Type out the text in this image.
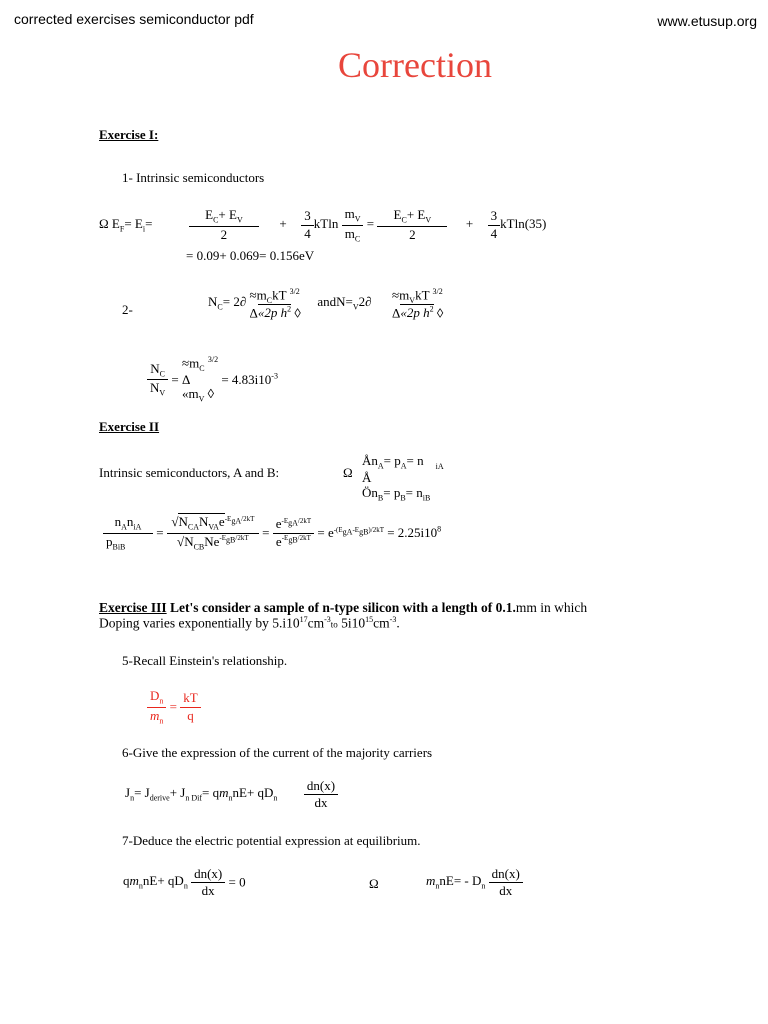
corrected exercises semiconductor pdf	www.etusup.org
Correction
Exercise I:
1- Intrinsic semiconductors
Ω $E_F= E_i=$	$\frac{E_C+ E_V}{2} + \frac{3}{4}$ kTln $\frac{m_V}{m_C} = \frac{E_C+ E_V}{2} + \frac{3}{4} kTln(35)$
= 0.09+ 0.069= 0.156eV
2-
$N_C= 2\partial \approx m_CkT$ $^{3/2}$
Δ«2p $h^2$ ◊
$andN=_V2\partial \approx m_VkT$ $^{3/2}$
Δ«2p $h^2$ ◊
$\frac{N_C}{N_V}$ =
$\approx m_C$ $^{3/2}$
Δ
«$m_V$ ◊
= $4.83i10^{-3}$
Exercise II
Intrinsic semiconductors, A and B:	Ω
$Ån_A= p_A= n$ $_{iA}$
Å
$Ön_B= p_B= n_{iB}$
$\frac{n_An_{iA}}{p_{BiB}} = \frac{√N_{CA}N_{VA}e^{-E_{gA}/2kT}}{√N_{CB}Ne^{-E_{gB}/2kT}} = \frac{e^{-E_{gA}/2kT}}{e^{-E_{gB}/2kT}} = e^{-(E_{gA}-E_{gB})/2kT} = 2.25i10^8$
Exercise III Let's consider a sample of n-type silicon with a length of 0.1.mm in which
Doping varies exponentially by $5.i10^{17}cm^{-3}to$ $5i10^{15}cm^{-3}$.
5-Recall Einstein's relationship.
$\frac{D_n}{m_n} = \frac{kT}{q}$
6-Give the expression of the current of the majority carriers
$J_n= J_{derive}+ J_{n Dif}= qm_nnE+ qD_n \frac{dn(x)}{dx}$
7-Deduce the electric potential expression at equilibrium.
$qm_nnE+ qD_n \frac{dn(x)}{dx} = 0$	Ω	$m_nnE= - D_n \frac{dn(x)}{dx}$
